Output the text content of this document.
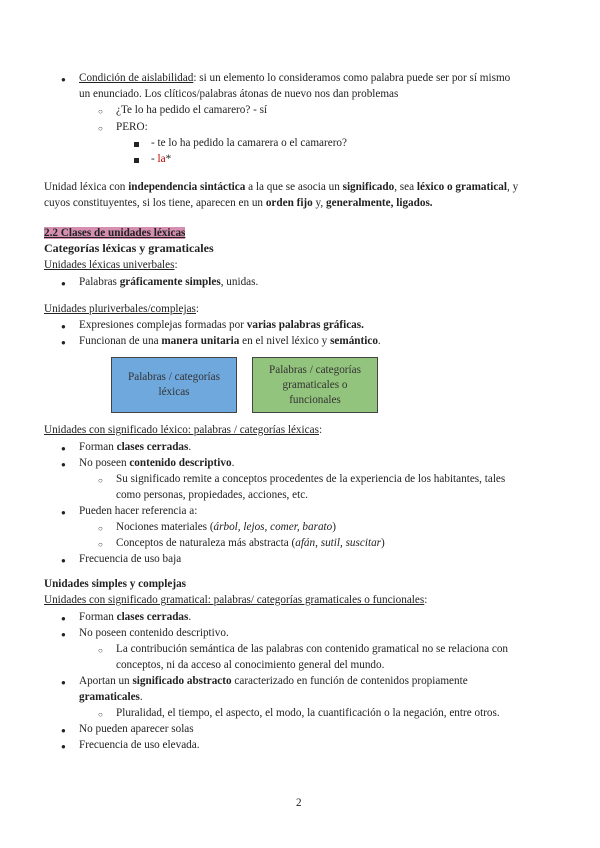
● Condición de aislabilidad: si un elemento lo consideramos como palabra puede ser por sí mismo
un enunciado. Los clíticos/palabras átonas de nuevo nos dan problemas
○ ¿Te lo ha pedido el camarero? - sí
○ PERO:
- te lo ha pedido la camarera o el camarero?
- la*
Unidad léxica con independencia sintáctica a la que se asocia un significado, sea léxico o gramatical, y
cuyos constituyentes, si los tiene, aparecen en un orden fijo y, generalmente, ligados.
2.2 Clases de unidades léxicas
Categorías léxicas y gramaticales
Unidades léxicas univerbales:
● Palabras gráficamente simples, unidas.
Unidades pluriverbales/complejas:
● Expresiones complejas formadas por varias palabras gráficas.
● Funcionan de una manera unitaria en el nivel léxico y semántico.
Palabras / categorías léxicas
Palabras / categorías gramaticales o funcionales
Unidades con significado léxico: palabras / categorías léxicas:
● Forman clases cerradas.
● No poseen contenido descriptivo.
○ Su significado remite a conceptos procedentes de la experiencia de los habitantes, tales
como personas, propiedades, acciones, etc.
● Pueden hacer referencia a:
○ Nociones materiales (árbol, lejos, comer, barato)
○ Conceptos de naturaleza más abstracta (afán, sutil, suscitar)
● Frecuencia de uso baja
Unidades simples y complejas
Unidades con significado gramatical: palabras/ categorías gramaticales o funcionales:
● Forman clases cerradas.
● No poseen contenido descriptivo.
○ La contribución semántica de las palabras con contenido gramatical no se relaciona con
conceptos, ni da acceso al conocimiento general del mundo.
● Aportan un significado abstracto caracterizado en función de contenidos propiamente
gramaticales.
○ Pluralidad, el tiempo, el aspecto, el modo, la cuantificación o la negación, entre otros.
● No pueden aparecer solas
● Frecuencia de uso elevada.
2
